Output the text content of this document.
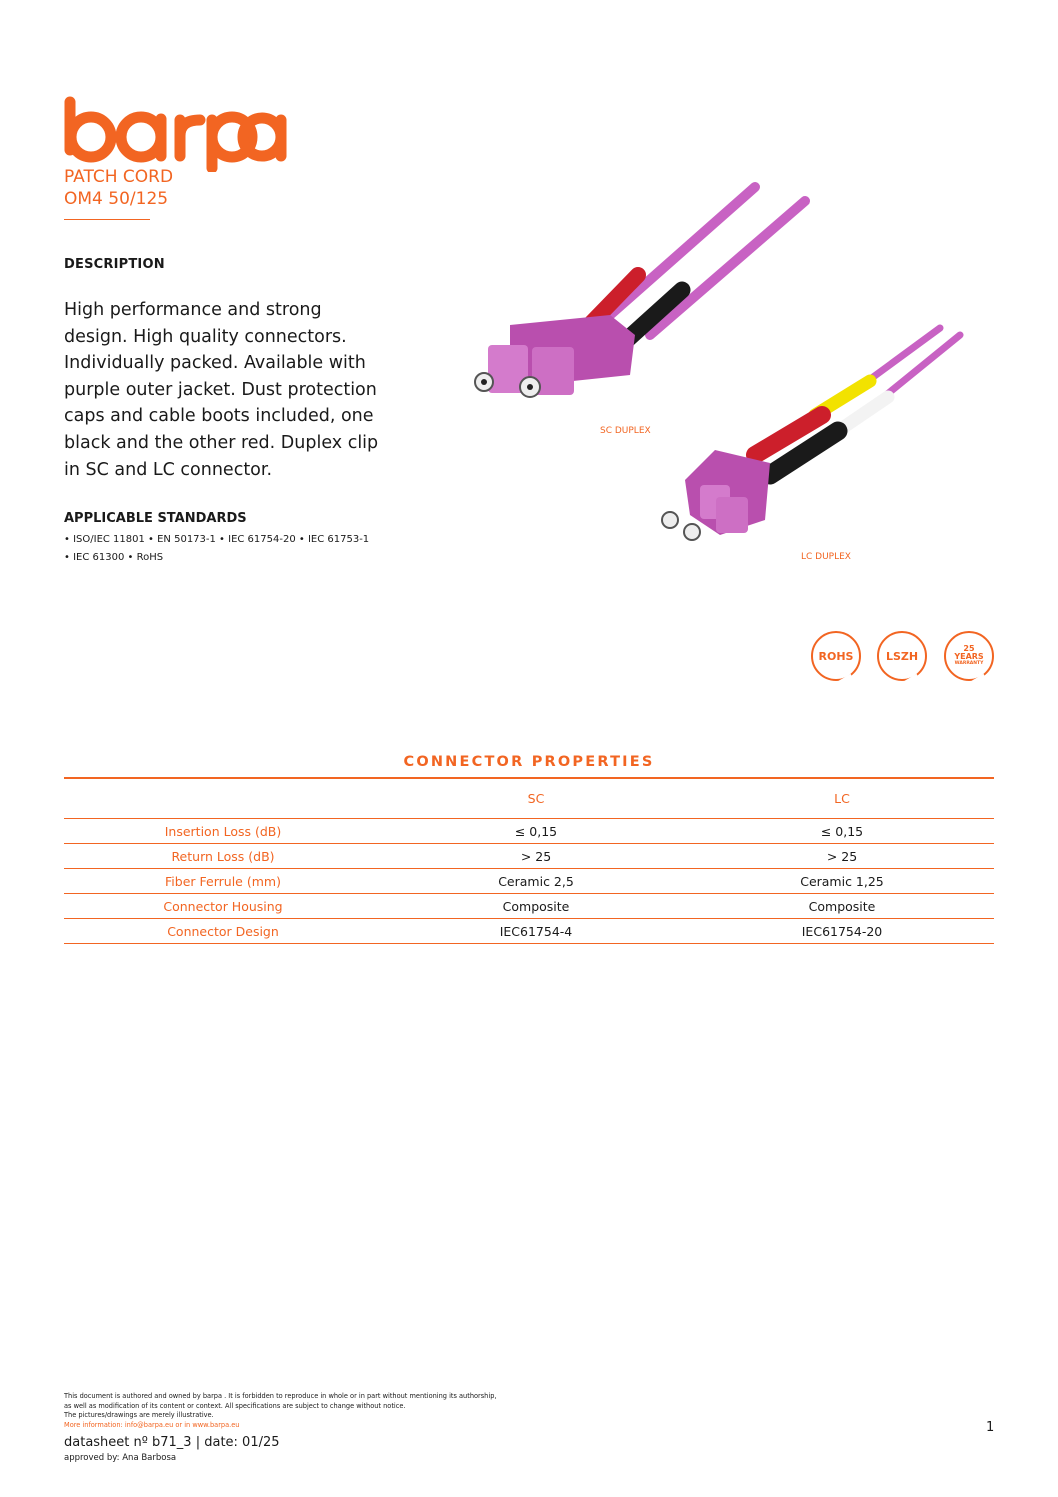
PATCH CORD
OM4 50/125
DESCRIPTION
High performance and strong design. High quality connectors. Individually packed. Available with purple outer jacket. Dust protection caps and cable boots included, one black and the other red. Duplex clip in SC and LC connector.
APPLICABLE STANDARDS
• ISO/IEC 11801 • EN 50173-1 • IEC 61754-20 • IEC 61753-1
• IEC 61300 • RoHS
SC DUPLEX
LC DUPLEX
ROHS	LSZH
25
YEARS
WARRANTY
CONNECTOR PROPERTIES
	SC	LC
Insertion Loss (dB)	≤ 0,15	≤ 0,15
Return Loss (dB)	> 25	> 25
Fiber Ferrule (mm)	Ceramic 2,5	Ceramic 1,25
Connector Housing	Composite	Composite
Connector Design	IEC61754-4	IEC61754-20
This document is authored and owned by barpa . It is forbidden to reproduce in whole or in part without mentioning its authorship,
as well as modification of its content or context. All specifications are subject to change without notice.
The pictures/drawings are merely illustrative.
More information: info@barpa.eu or in www.barpa.eu	1
datasheet nº b71_3 | date: 01/25
approved by: Ana Barbosa
